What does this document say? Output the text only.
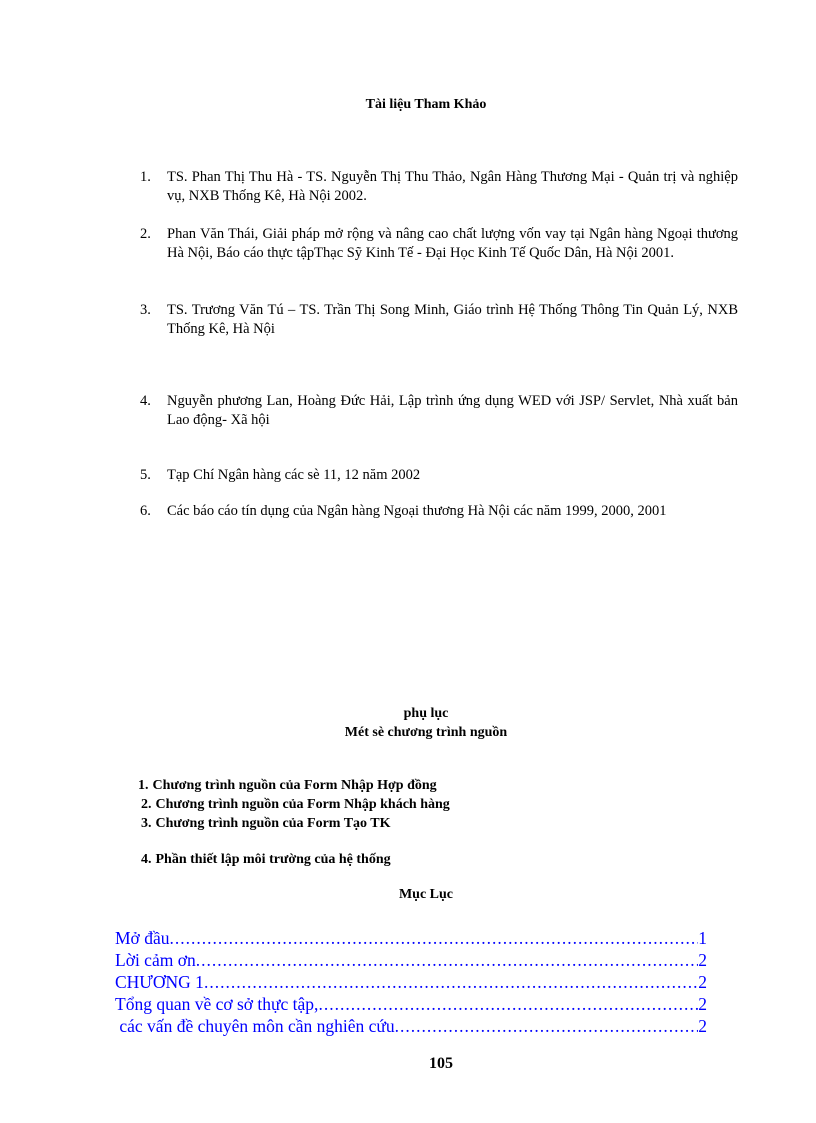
Tài liệu Tham Khảo
1. TS. Phan Thị Thu Hà - TS. Nguyễn Thị Thu Thảo, Ngân Hàng Thương Mại - Quản trị và nghiệp vụ, NXB Thống Kê, Hà Nội 2002.
2. Phan Văn Thái, Giải pháp mở rộng và nâng cao chất lượng vốn vay tại Ngân hàng Ngoại thương Hà Nội, Báo cáo thực tậpThạc Sỹ Kinh Tế - Đại Học Kinh Tế Quốc Dân, Hà Nội 2001.
3. TS. Trương Văn Tú – TS. Trần Thị Song Minh, Giáo trình Hệ Thống Thông Tin Quản Lý, NXB Thống Kê, Hà Nội
4. Nguyễn phương Lan, Hoàng Đức Hải, Lập trình ứng dụng WED với JSP/ Servlet, Nhà xuất bản Lao động- Xã hội
5. Tạp Chí Ngân hàng các sè 11, 12 năm 2002
6. Các báo cáo tín dụng của Ngân hàng Ngoại thương Hà Nội các năm 1999, 2000, 2001
phụ lục
Mét sè chương trình nguồn
1. Chương trình nguồn của Form Nhập Hợp đồng
2. Chương trình nguồn của Form Nhập khách hàng
3. Chương trình nguồn của Form Tạo TK
4. Phần thiết lập môi trường của hệ thống
Mục Lục
Mở đầu .....	1
Lời cảm ơn .....	2
CHƯƠNG 1 .....	2
Tổng quan về cơ sở thực tập, .....	2
các vấn đề chuyên môn cần nghiên cứu .....	2
105
